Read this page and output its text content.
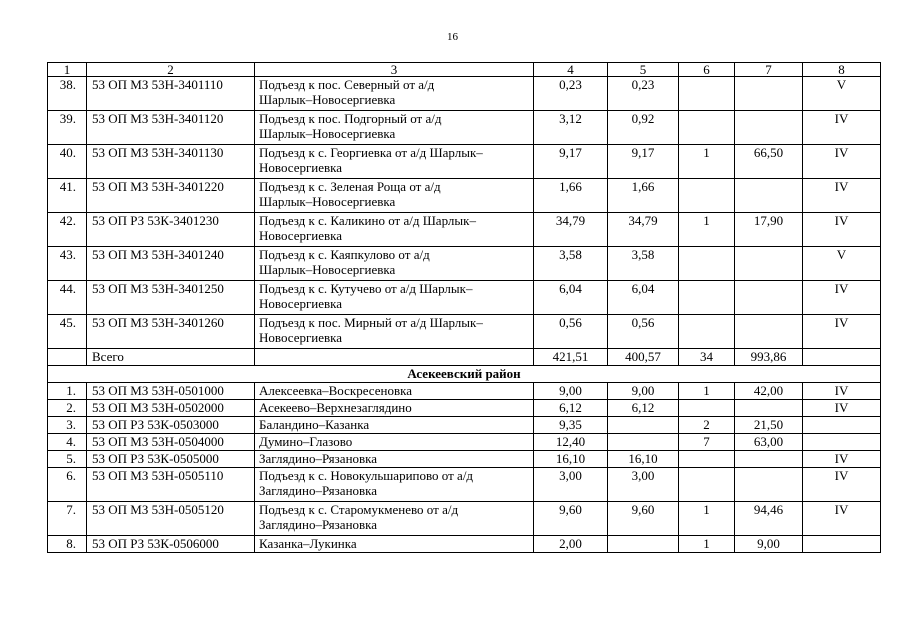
16
1	2	3	4	5	6	7	8
38.	53 ОП МЗ 53Н-3401110	Подъезд к пос. Северный от а/д
Шарлык–Новосергиевка	0,23	0,23			V
39.	53 ОП МЗ 53Н-3401120	Подъезд к пос. Подгорный от а/д
Шарлык–Новосергиевка	3,12	0,92			IV
40.	53 ОП МЗ 53Н-3401130	Подъезд к с. Георгиевка от а/д Шарлык–
Новосергиевка	9,17	9,17	1	66,50	IV
41.	53 ОП МЗ 53Н-3401220	Подъезд к с. Зеленая Роща от а/д
Шарлык–Новосергиевка	1,66	1,66			IV
42.	53 ОП РЗ 53К-3401230	Подъезд к с. Каликино от а/д Шарлык–
Новосергиевка	34,79	34,79	1	17,90	IV
43.	53 ОП МЗ 53Н-3401240	Подъезд к с. Каяпкулово от а/д
Шарлык–Новосергиевка	3,58	3,58			V
44.	53 ОП МЗ 53Н-3401250	Подъезд к с. Кутучево от а/д Шарлык–
Новосергиевка	6,04	6,04			IV
45.	53 ОП МЗ 53Н-3401260	Подъезд к пос. Мирный от а/д Шарлык–
Новосергиевка	0,56	0,56			IV
	Всего		421,51	400,57	34	993,86	
Асекеевский район							
1.	53 ОП МЗ 53Н-0501000	Алексеевка–Воскресеновка	9,00	9,00	1	42,00	IV
2.	53 ОП МЗ 53Н-0502000	Асекеево–Верхнезаглядино	6,12	6,12			IV
3.	53 ОП РЗ 53К-0503000	Баландино–Казанка	9,35		2	21,50	
4.	53 ОП МЗ 53Н-0504000	Думино–Глазово	12,40		7	63,00	
5.	53 ОП РЗ 53К-0505000	Заглядино–Рязановка	16,10	16,10			IV
6.	53 ОП МЗ 53Н-0505110	Подъезд к с. Новокульшарипово от а/д
Заглядино–Рязановка	3,00	3,00			IV
7.	53 ОП МЗ 53Н-0505120	Подъезд к с. Старомукменево от а/д
Заглядино–Рязановка	9,60	9,60	1	94,46	IV
8.	53 ОП РЗ 53К-0506000	Казанка–Лукинка	2,00		1	9,00	
